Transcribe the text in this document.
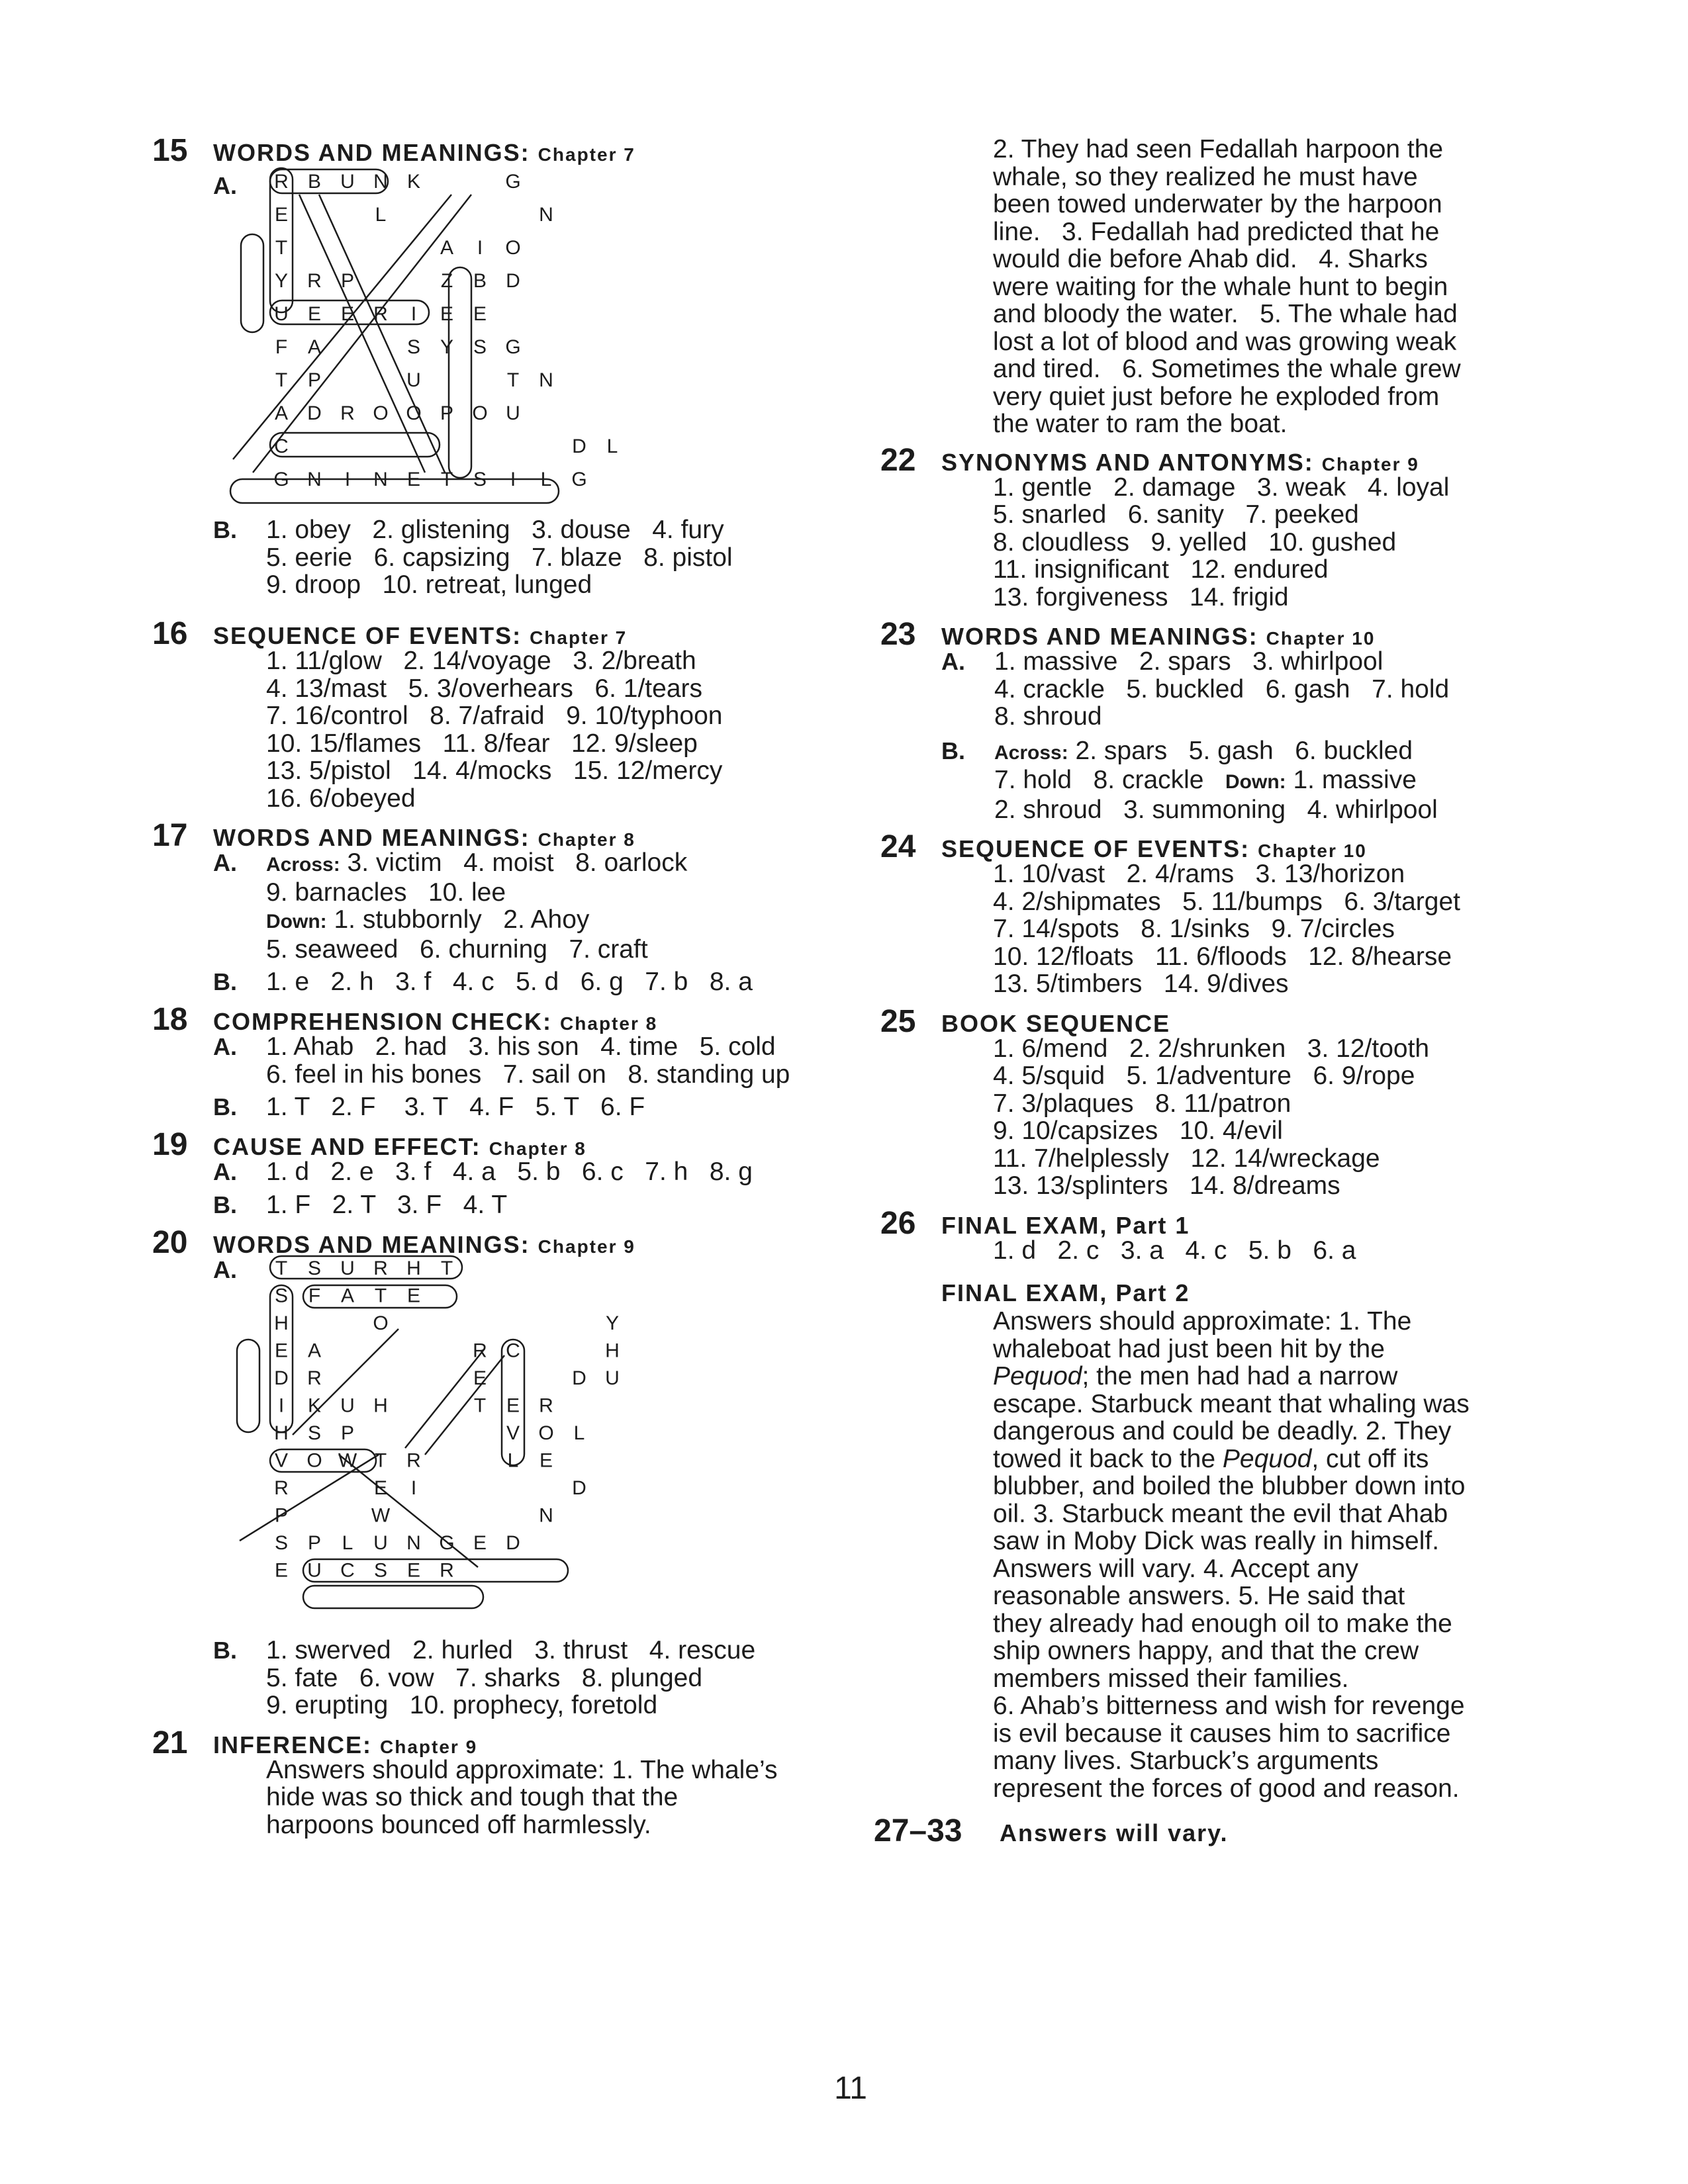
15	WORDS AND MEANINGS: Chapter 7
A.	R B U N K	G
E	L	N
T	A I O
Y R P	Z B D
U E E R I E E
F A	S Y S G
T P	U	T N
A D R O O P O U
C	D L
G N I N E T S I L G
B.	1. obey   2. glistening   3. douse   4. fury
5. eerie   6. capsizing   7. blaze   8. pistol
9. droop   10. retreat, lunged
16	SEQUENCE OF EVENTS: Chapter 7
1. 11/glow   2. 14/voyage   3. 2/breath
4. 13/mast   5. 3/overhears   6. 1/tears
7. 16/control   8. 7/afraid   9. 10/typhoon
10. 15/flames   11. 8/fear   12. 9/sleep
13. 5/pistol   14. 4/mocks   15. 12/mercy
16. 6/obeyed
17	WORDS AND MEANINGS: Chapter 8
A.	Across: 3. victim   4. moist   8. oarlock
9. barnacles   10. lee
Down: 1. stubbornly   2. Ahoy
5. seaweed   6. churning   7. craft
B.	1. e   2. h   3. f   4. c   5. d   6. g   7. b   8. a
18	COMPREHENSION CHECK: Chapter 8
A.	1. Ahab   2. had   3. his son   4. time   5. cold
6. feel in his bones   7. sail on   8. standing up
B.	1. T   2. F    3. T   4. F   5. T   6. F
19	CAUSE AND EFFECT: Chapter 8
A.	1. d   2. e   3. f   4. a   5. b   6. c   7. h   8. g
B.	1. F   2. T   3. F   4. T
20	WORDS AND MEANINGS: Chapter 9
A.	T S U R H T
S F A T E
H	O	Y
E A	R C	H
D R	E	D U
I K U H	T E R
H S P	V O L
V O W T R	L E
R	E I	D
P	W	N
S P L U N G E D
E U C S E R
B.	1. swerved   2. hurled   3. thrust   4. rescue
5. fate   6. vow   7. sharks   8. plunged
9. erupting   10. prophecy, foretold
21	INFERENCE: Chapter 9
Answers should approximate: 1. The whale’s
hide was so thick and tough that the
harpoons bounced off harmlessly.
2. They had seen Fedallah harpoon the
whale, so they realized he must have
been towed underwater by the harpoon
line.   3. Fedallah had predicted that he
would die before Ahab did.   4. Sharks
were waiting for the whale hunt to begin
and bloody the water.   5. The whale had
lost a lot of blood and was growing weak
and tired.   6. Sometimes the whale grew
very quiet just before he exploded from
the water to ram the boat.
22	SYNONYMS AND ANTONYMS: Chapter 9
1. gentle   2. damage   3. weak   4. loyal
5. snarled   6. sanity   7. peeked
8. cloudless   9. yelled   10. gushed
11. insignificant   12. endured
13. forgiveness   14. frigid
23	WORDS AND MEANINGS: Chapter 10
A.	1. massive   2. spars   3. whirlpool
4. crackle   5. buckled   6. gash   7. hold
8. shroud
B.	Across: 2. spars   5. gash   6. buckled
7. hold   8. crackle   Down: 1. massive
2. shroud   3. summoning   4. whirlpool
24	SEQUENCE OF EVENTS: Chapter 10
1. 10/vast   2. 4/rams   3. 13/horizon
4. 2/shipmates   5. 11/bumps   6. 3/target
7. 14/spots   8. 1/sinks   9. 7/circles
10. 12/floats   11. 6/floods   12. 8/hearse
13. 5/timbers   14. 9/dives
25	BOOK SEQUENCE
1. 6/mend   2. 2/shrunken   3. 12/tooth
4. 5/squid   5. 1/adventure   6. 9/rope
7. 3/plaques   8. 11/patron
9. 10/capsizes   10. 4/evil
11. 7/helplessly   12. 14/wreckage
13. 13/splinters   14. 8/dreams
26	FINAL EXAM, Part 1
1. d   2. c   3. a   4. c   5. b   6. a
FINAL EXAM, Part 2
Answers should approximate: 1. The
whaleboat had just been hit by the
Pequod; the men had had a narrow
escape. Starbuck meant that whaling was
dangerous and could be deadly. 2. They
towed it back to the Pequod, cut off its
blubber, and boiled the blubber down into
oil. 3. Starbuck meant the evil that Ahab
saw in Moby Dick was really in himself.
Answers will vary. 4. Accept any
reasonable answers. 5. He said that
they already had enough oil to make the
ship owners happy, and that the crew
members missed their families.
6. Ahab’s bitterness and wish for revenge
is evil because it causes him to sacrifice
many lives. Starbuck’s arguments
represent the forces of good and reason.
27–33	Answers will vary.
11
